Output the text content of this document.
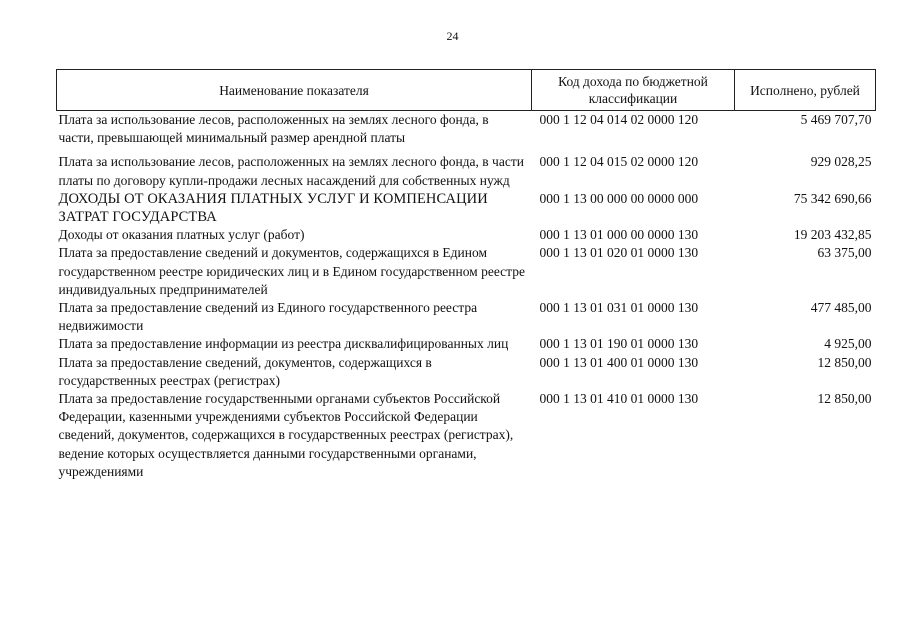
24
Наименование показателя	Код дохода по бюджетной классификации	Исполнено, рублей
Плата за использование лесов, расположенных на землях лесного фонда, в части, превышающей минимальный размер арендной платы	000 1 12 04 014 02 0000 120	5 469 707,70
Плата за использование лесов, расположенных на землях лесного фонда, в части платы по договору купли-продажи лесных насаждений для собственных нужд	000 1 12 04 015 02 0000 120	929 028,25
ДОХОДЫ ОТ ОКАЗАНИЯ ПЛАТНЫХ УСЛУГ И КОМПЕНСАЦИИ ЗАТРАТ ГОСУДАРСТВА	000 1 13 00 000 00 0000 000	75 342 690,66
Доходы от оказания платных услуг (работ)	000 1 13 01 000 00 0000 130	19 203 432,85
Плата за предоставление сведений и документов, содержащихся в Едином государственном реестре юридических лиц и в Едином государственном реестре индивидуальных предпринимателей	000 1 13 01 020 01 0000 130	63 375,00
Плата за предоставление сведений из Единого государственного реестра недвижимости	000 1 13 01 031 01 0000 130	477 485,00
Плата за предоставление информации из реестра дисквалифицированных лиц	000 1 13 01 190 01 0000 130	4 925,00
Плата за предоставление сведений, документов, содержащихся в государственных реестрах (регистрах)	000 1 13 01 400 01 0000 130	12 850,00
Плата за предоставление государственными органами субъектов Российской Федерации, казенными учреждениями субъектов Российской Федерации сведений, документов, содержащихся в государственных реестрах (регистрах), ведение которых осуществляется данными государственными органами, учреждениями	000 1 13 01 410 01 0000 130	12 850,00
